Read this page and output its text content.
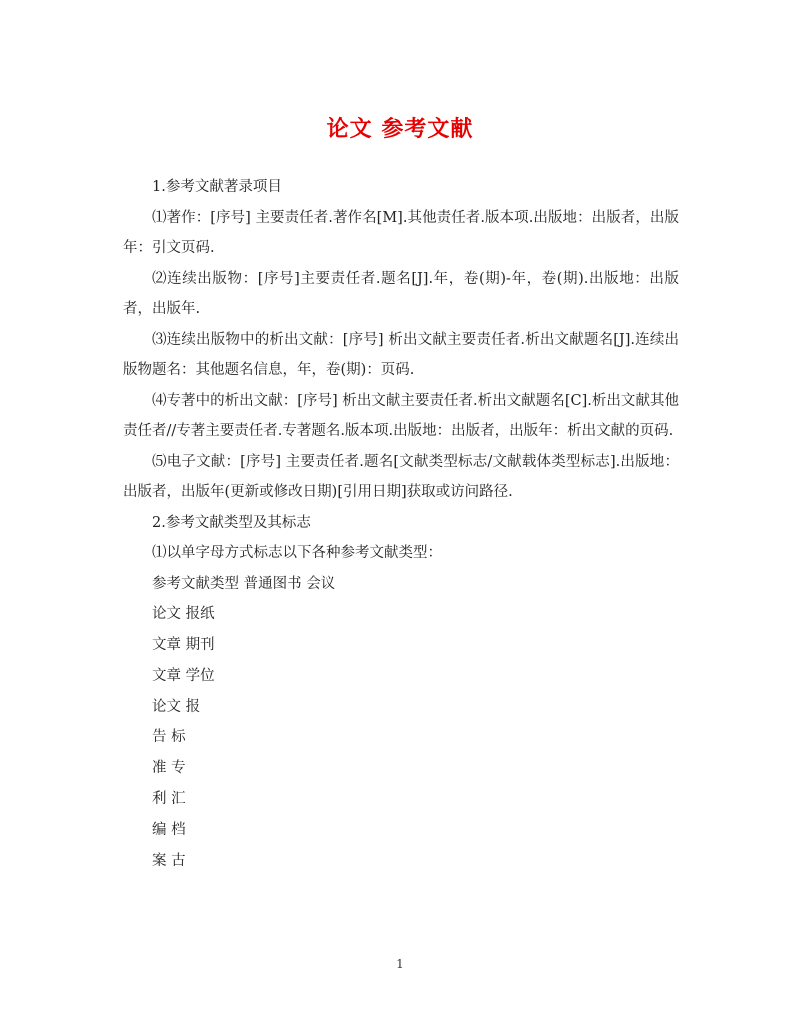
论文 参考文献

1.参考文献著录项目

⑴著作：[序号] 主要责任者.著作名[M].其他责任者.版本项.出版地：出版者，出版年：引文页码.

⑵连续出版物：[序号]主要责任者.题名[J].年，卷(期)-年，卷(期).出版地：出版者，出版年.

⑶连续出版物中的析出文献：[序号] 析出文献主要责任者.析出文献题名[J].连续出版物题名：其他题名信息，年，卷(期)：页码.

⑷专著中的析出文献：[序号] 析出文献主要责任者.析出文献题名[C].析出文献其他责任者//专著主要责任者.专著题名.版本项.出版地：出版者，出版年：析出文献的页码.

⑸电子文献：[序号] 主要责任者.题名[文献类型标志/文献载体类型标志].出版地：出版者，出版年(更新或修改日期)[引用日期]获取或访问路径.

2.参考文献类型及其标志

⑴以单字母方式标志以下各种参考文献类型：

参考文献类型 普通图书 会议

论文 报纸

文章 期刊

文章 学位

论文 报

告 标

准 专

利 汇

编 档

案 古

1
